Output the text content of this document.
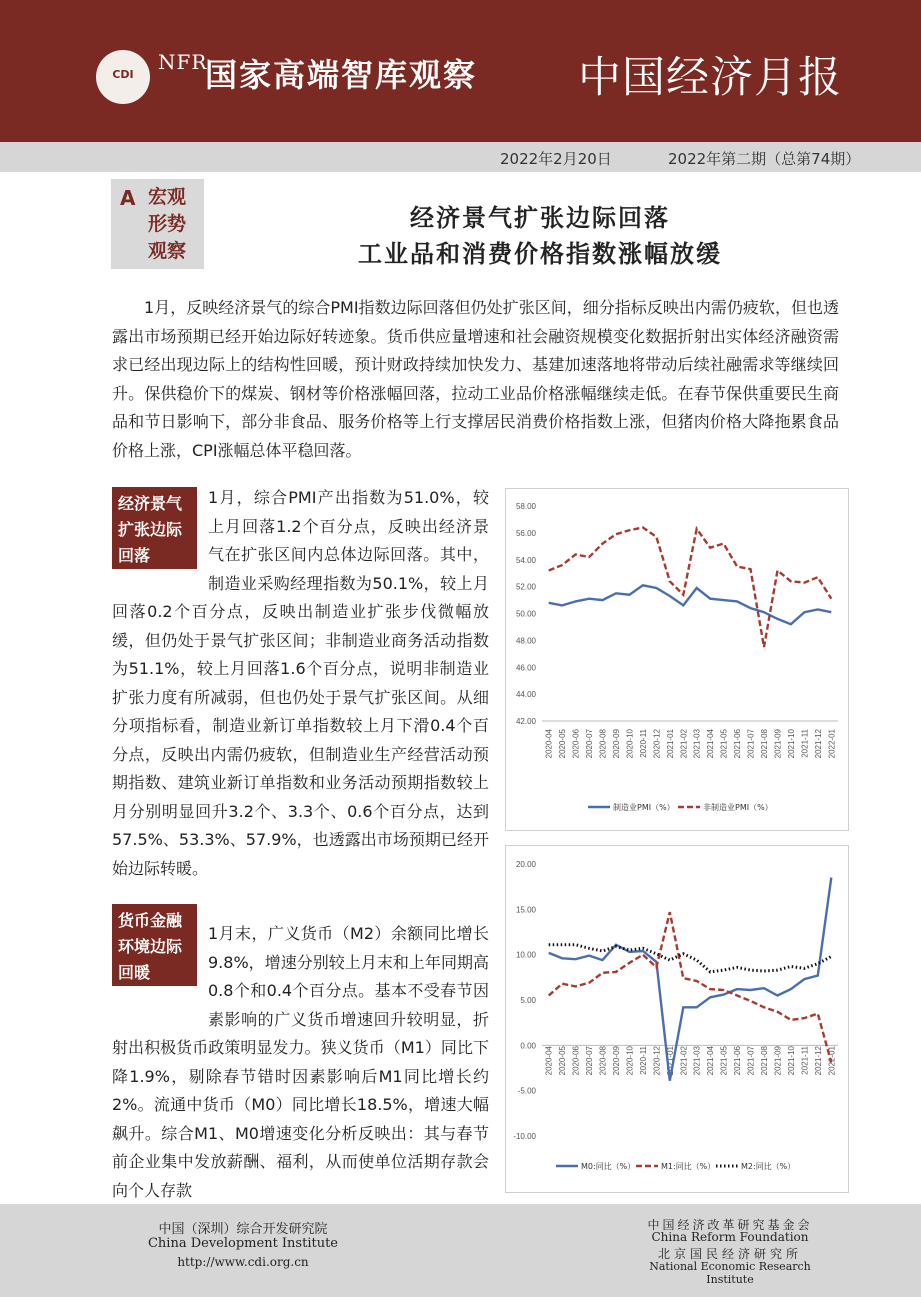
CDI
NFR
国家高端智库观察 中国经济月报
2022年2月20日	2022年第二期（总第74期）
A 宏观形势观察
经济景气扩张边际回落
工业品和消费价格指数涨幅放缓
1月，反映经济景气的综合PMI指数边际回落但仍处扩张区间，细分指标反映出内需仍疲软，但也透露出市场预期已经开始边际好转迹象。货币供应量增速和社会融资规模变化数据折射出实体经济融资需求已经出现边际上的结构性回暖，预计财政持续加快发力、基建加速落地将带动后续社融需求等继续回升。保供稳价下的煤炭、钢材等价格涨幅回落，拉动工业品价格涨幅继续走低。在春节保供重要民生商品和节日影响下，部分非食品、服务价格等上行支撑居民消费价格指数上涨，但猪肉价格大降拖累食品价格上涨，CPI涨幅总体平稳回落。
1月，综合PMI产出指数为51.0%，较上月回落1.2个百分点，反映出经济景气在扩张区间内总体边际回落。其中，制造业采购经理指数为50.1%，较上月回落0.2个百分点，反映出制造业扩张步伐微幅放缓，但仍处于景气扩张区间；非制造业商务活动指数为51.1%，较上月回落1.6个百分点，说明非制造业扩张力度有所减弱，但也仍处于景气扩张区间。从细分项指标看，制造业新订单指数较上月下滑0.4个百分点，反映出内需仍疲软，但制造业生产经营活动预期指数、建筑业新订单指数和业务活动预期指数较上月分别明显回升3.2个、3.3个、0.6个百分点，达到57.5%、53.3%、57.9%，也透露出市场预期已经开始边际转暖。
经济景气扩张边际回落
1月末，广义货币（M2）余额同比增长9.8%，增速分别较上月末和上年同期高0.8个和0.4个百分点。基本不受春节因素影响的广义货币增速回升较明显，折射出积极货币政策明显发力。狭义货币（M1）同比下降1.9%，剔除春节错时因素影响后M1同比增长约2%。流通中货币（M0）同比增长18.5%，增速大幅飙升。综合M1、M0增速变化分析反映出：其与春节前企业集中发放薪酬、福利，从而使单位活期存款会向个人存款
货币金融环境边际回暖
42.00
44.00
46.00
48.00
50.00
52.00
54.00
56.00
58.00
2020-04 2020-05 2020-06 2020-07 2020-08 2020-09 2020-10 2020-11 2020-12 2021-01 2021-02 2021-03 2021-04 2021-05 2021-06 2021-07 2021-08 2021-09 2021-10 2021-11 2021-12 2022-01
制造业PMI（%）	非制造业PMI（%）
-10.00
-5.00
0.00
5.00
10.00
15.00
20.00
2020-04 2020-05 2020-06 2020-07 2020-08 2020-09 2020-10 2020-11 2020-12 2021-01 2021-02 2021-03 2021-04 2021-05 2021-06 2021-07 2021-08 2021-09 2021-10 2021-11 2021-12 2022-01
M0:同比（%）	M1:同比（%）	M2:同比（%）
中国（深圳）综合开发研究院
China Development Institute
http://www.cdi.org.cn
中国经济改革研究基金会
China Reform Foundation
北京国民经济研究所
National Economic Research Institute
